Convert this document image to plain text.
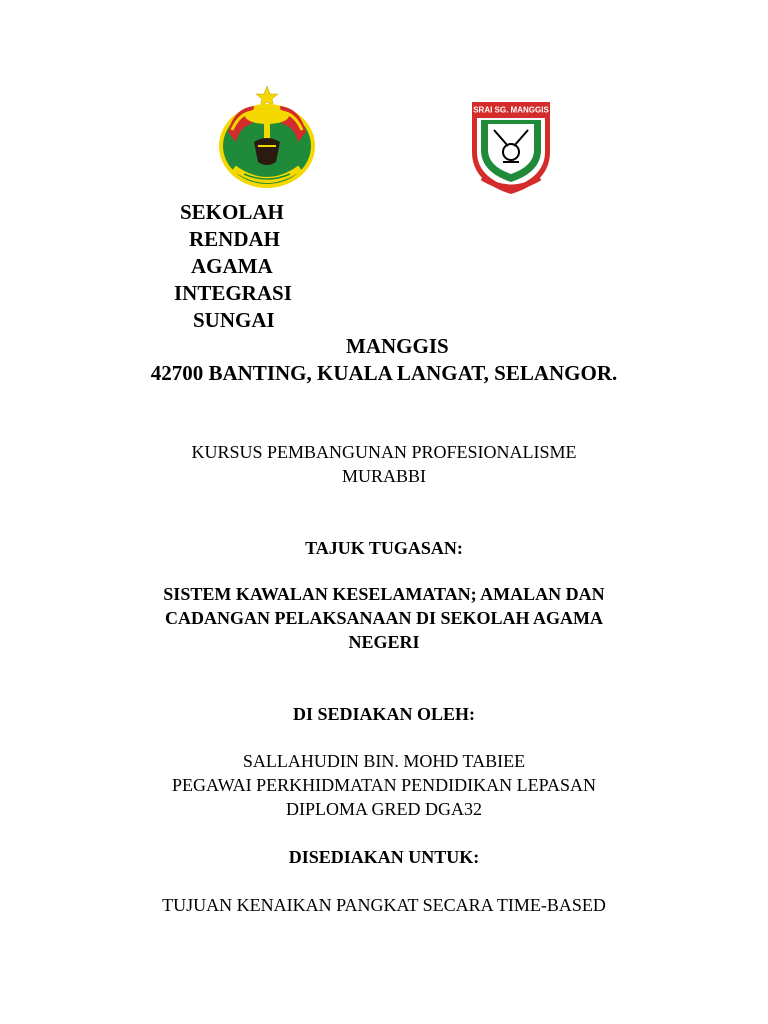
SRAI SG. MANGGIS
SEKOLAH
RENDAH
AGAMA
INTEGRASI
SUNGAI
MANGGIS
42700 BANTING, KUALA LANGAT, SELANGOR.
KURSUS PEMBANGUNAN PROFESIONALISME
MURABBI
TAJUK TUGASAN:
SISTEM KAWALAN KESELAMATAN; AMALAN DAN
CADANGAN PELAKSANAAN DI SEKOLAH AGAMA
NEGERI
DI SEDIAKAN OLEH:
SALLAHUDIN BIN. MOHD TABIEE
PEGAWAI PERKHIDMATAN PENDIDIKAN LEPASAN
DIPLOMA GRED DGA32
DISEDIAKAN UNTUK:
TUJUAN KENAIKAN PANGKAT SECARA TIME-BASED
